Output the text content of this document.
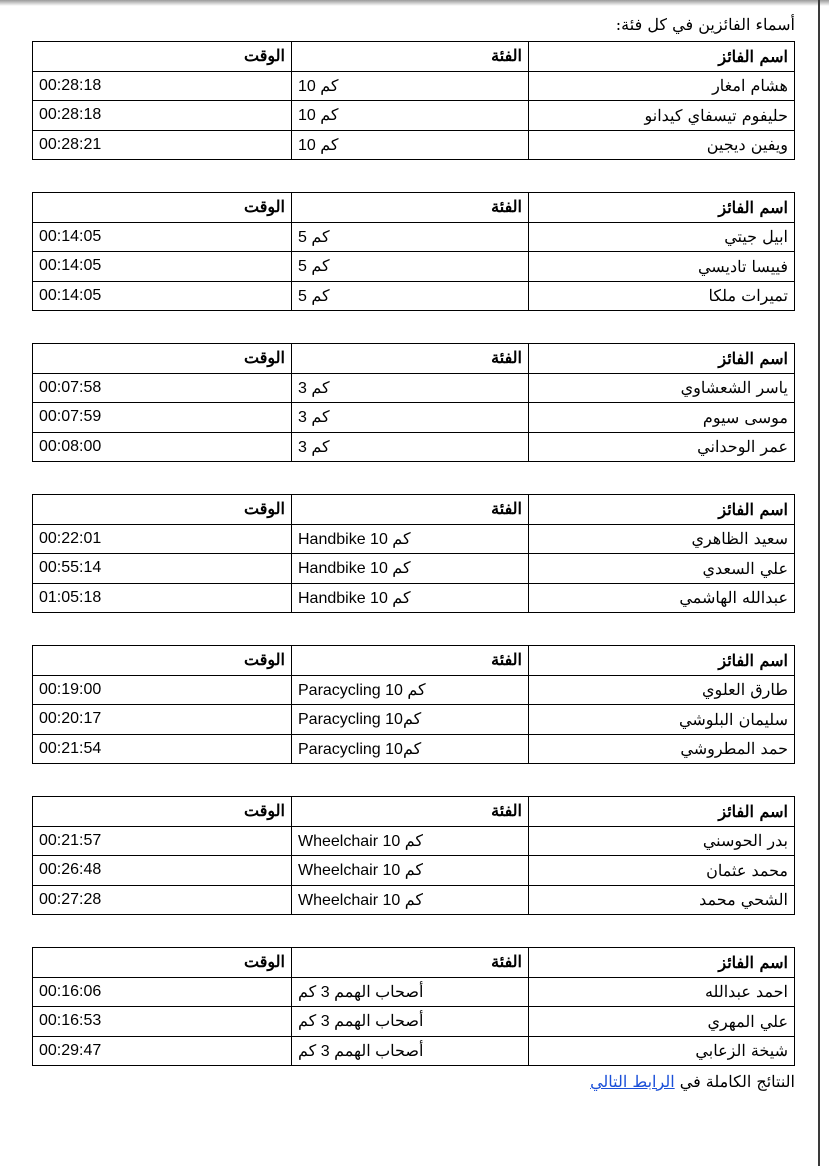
أسماء الفائزين في كل فئة:

اسم الفائز	الفئة	الوقت
هشام امغار	10 كم	00:28:18
حليفوم تيسفاي كيدانو	10 كم	00:28:18
ويفين ديجين	10 كم	00:28:21
اسم الفائز	الفئة	الوقت
ابيل جيتي	5 كم	00:14:05
فييسا تاديسي	5 كم	00:14:05
تميرات ملكا	5 كم	00:14:05
اسم الفائز	الفئة	الوقت
ياسر الشعشاوي	3 كم	00:07:58
موسى سيوم	3 كم	00:07:59
عمر الوحداني	3 كم	00:08:00
اسم الفائز	الفئة	الوقت
سعيد الظاهري	Handbike 10 كم	00:22:01
علي السعدي	Handbike 10 كم	00:55:14
عبدالله الهاشمي	Handbike 10 كم	01:05:18
اسم الفائز	الفئة	الوقت
طارق العلوي	Paracycling 10 كم	00:19:00
سليمان البلوشي	Paracycling 10كم	00:20:17
حمد المطروشي	Paracycling 10كم	00:21:54
اسم الفائز	الفئة	الوقت
بدر الحوسني	Wheelchair 10 كم	00:21:57
محمد عثمان	Wheelchair 10 كم	00:26:48
الشحي محمد	Wheelchair 10 كم	00:27:28
اسم الفائز	الفئة	الوقت
احمد عبدالله	أصحاب الهمم 3 كم	00:16:06
علي المهري	أصحاب الهمم 3 كم	00:16:53
شيخة الزعابي	أصحاب الهمم 3 كم	00:29:47
النتائج الكاملة في الرابط التالي
